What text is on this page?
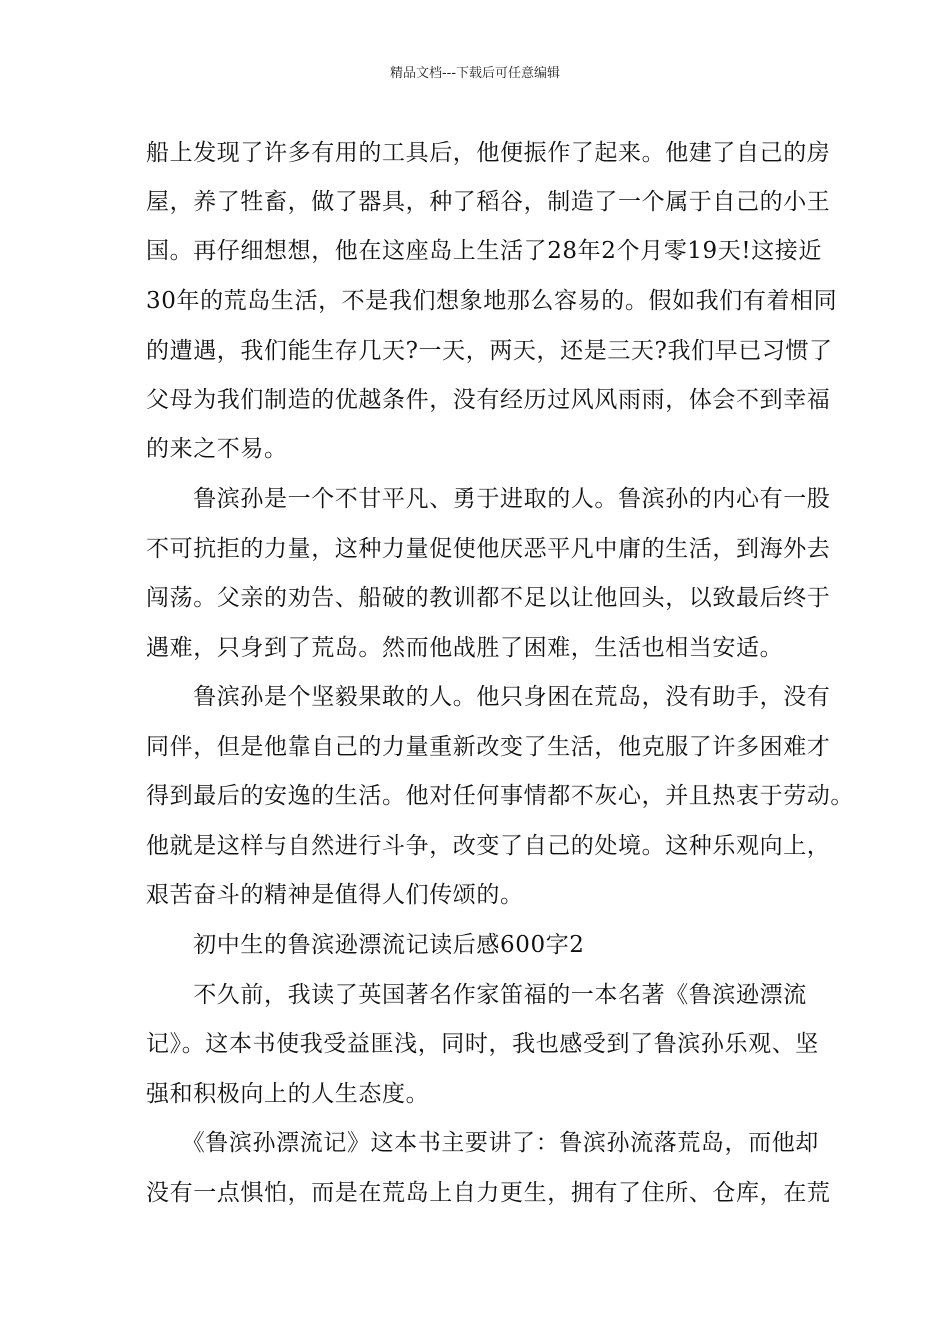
精品文档---下载后可任意编辑
船上发现了许多有用的工具后，他便振作了起来。他建了自己的房
屋，养了牲畜，做了器具，种了稻谷，制造了一个属于自己的小王
国。再仔细想想，他在这座岛上生活了28年2个月零19天!这接近
30年的荒岛生活，不是我们想象地那么容易的。假如我们有着相同
的遭遇，我们能生存几天?一天，两天，还是三天?我们早已习惯了
父母为我们制造的优越条件，没有经历过风风雨雨，体会不到幸福
的来之不易。
　　鲁滨孙是一个不甘平凡、勇于进取的人。鲁滨孙的内心有一股
不可抗拒的力量，这种力量促使他厌恶平凡中庸的生活，到海外去
闯荡。父亲的劝告、船破的教训都不足以让他回头，以致最后终于
遇难，只身到了荒岛。然而他战胜了困难，生活也相当安适。
　　鲁滨孙是个坚毅果敢的人。他只身困在荒岛，没有助手，没有
同伴，但是他靠自己的力量重新改变了生活，他克服了许多困难才
得到最后的安逸的生活。他对任何事情都不灰心，并且热衷于劳动。
他就是这样与自然进行斗争，改变了自己的处境。这种乐观向上，
艰苦奋斗的精神是值得人们传颂的。
　　初中生的鲁滨逊漂流记读后感600字2
　　不久前，我读了英国著名作家笛福的一本名著《鲁滨逊漂流
记》。这本书使我受益匪浅，同时，我也感受到了鲁滨孙乐观、坚
强和积极向上的人生态度。
　　《鲁滨孙漂流记》这本书主要讲了：鲁滨孙流落荒岛，而他却
没有一点惧怕，而是在荒岛上自力更生，拥有了住所、仓库，在荒
